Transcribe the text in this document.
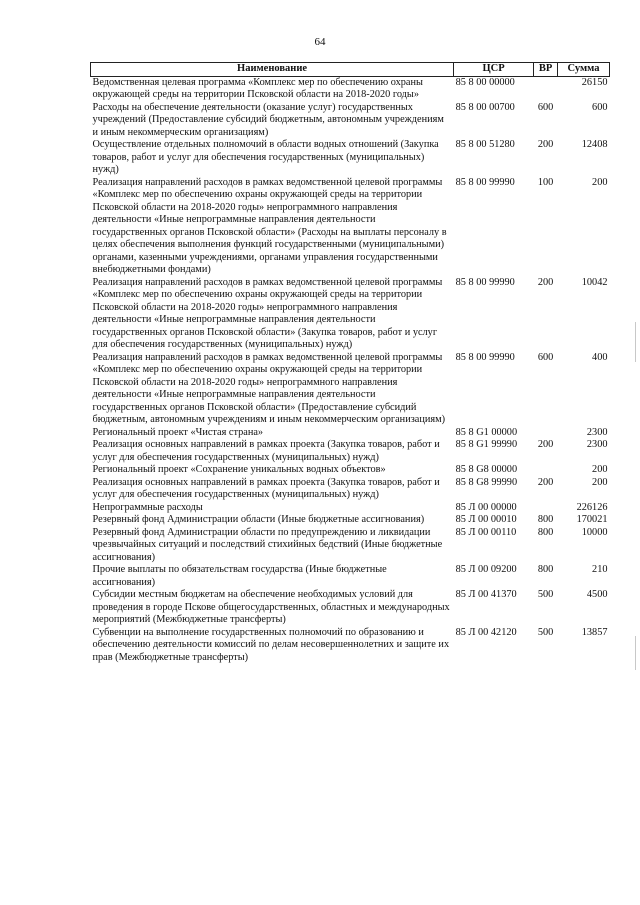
64
Наименование	ЦСР	ВР	Сумма
Ведомственная целевая программа «Комплекс мер по обеспечению охраны окружающей среды на территории Псковской области на 2018-2020 годы»	85 8 00 00000		26150
Расходы на обеспечение деятельности (оказание услуг) государственных учреждений (Предоставление субсидий бюджетным, автономным учреждениям и иным некоммерческим организациям)	85 8 00 00700	600	600
Осуществление отдельных полномочий в области водных отношений (Закупка товаров, работ и услуг для обеспечения государственных (муниципальных) нужд)	85 8 00 51280	200	12408
Реализация направлений расходов в рамках ведомственной целевой программы «Комплекс мер по обеспечению охраны окружающей среды на территории Псковской области на 2018-2020 годы» непрограммного направления деятельности «Иные непрограммные направления деятельности государственных органов Псковской области» (Расходы на выплаты персоналу в целях обеспечения выполнения функций государственными (муниципальными) органами, казенными учреждениями, органами управления государственными внебюджетными фондами)	85 8 00 99990	100	200
Реализация направлений расходов в рамках ведомственной целевой программы «Комплекс мер по обеспечению охраны окружающей среды на территории Псковской области на 2018-2020 годы» непрограммного направления деятельности «Иные непрограммные направления деятельности государственных органов Псковской области» (Закупка товаров, работ и услуг для обеспечения государственных (муниципальных) нужд)	85 8 00 99990	200	10042
Реализация направлений расходов в рамках ведомственной целевой программы «Комплекс мер по обеспечению охраны окружающей среды на территории Псковской области на 2018-2020 годы» непрограммного направления деятельности «Иные непрограммные направления деятельности государственных органов Псковской области» (Предоставление субсидий бюджетным, автономным учреждениям и иным некоммерческим организациям)	85 8 00 99990	600	400
Региональный проект «Чистая страна»	85 8 G1 00000		2300
Реализация основных направлений в рамках проекта (Закупка товаров, работ и услуг для обеспечения государственных (муниципальных) нужд)	85 8 G1 99990	200	2300
Региональный проект «Сохранение уникальных водных объектов»	85 8 G8 00000		200
Реализация основных направлений в рамках проекта (Закупка товаров, работ и услуг для обеспечения государственных (муниципальных) нужд)	85 8 G8 99990	200	200
Непрограммные расходы	85 Л 00 00000		226126
Резервный фонд Администрации области (Иные бюджетные ассигнования)	85 Л 00 00010	800	170021
Резервный фонд Администрации области по предупреждению и ликвидации чрезвычайных ситуаций и последствий стихийных бедствий (Иные бюджетные ассигнования)	85 Л 00 00110	800	10000
Прочие выплаты по обязательствам государства (Иные бюджетные ассигнования)	85 Л 00 09200	800	210
Субсидии местным бюджетам на обеспечение необходимых условий для проведения в городе Пскове общегосударственных, областных и международных мероприятий (Межбюджетные трансферты)	85 Л 00 41370	500	4500
Субвенции на выполнение государственных полномочий по образованию и обеспечению деятельности комиссий по делам несовершеннолетних и защите их прав (Межбюджетные трансферты)	85 Л 00 42120	500	13857
